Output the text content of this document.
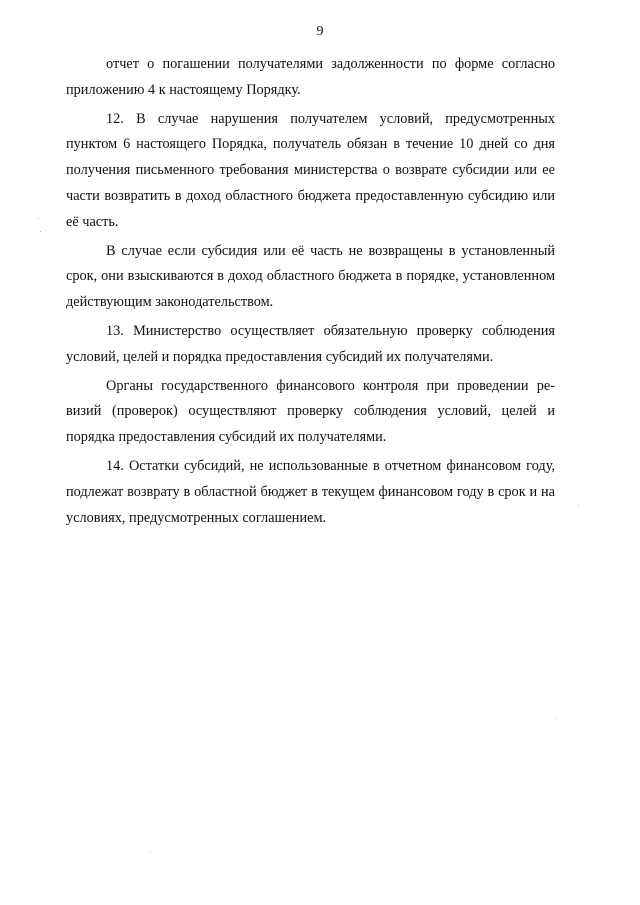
9

отчет о погашении получателями задолженности по форме согласно приложению 4 к настоящему Порядку.

12. В случае нарушения получателем условий, предусмотренных пунктом 6 настоящего Порядка, получатель обязан в течение 10 дней со дня получения письменного требования министерства о возврате субсидии или ее части возвратить в доход областного бюджета предоставленную субсидию или её часть.

В случае если субсидия или её часть не возвращены в установленный срок, они взыскиваются в доход областного бюджета в порядке, установленном действующим законодательством.

13. Министерство осуществляет обязательную проверку соблюдения условий, целей и порядка предоставления субсидий их получателями.

Органы государственного финансового контроля при проведении ревизий (проверок) осуществляют проверку соблюдения условий, целей и порядка предоставления субсидий их получателями.

14. Остатки субсидий, не использованные в отчетном финансовом году, подлежат возврату в областной бюджет в текущем финансовом году в срок и на условиях, предусмотренных соглашением.
